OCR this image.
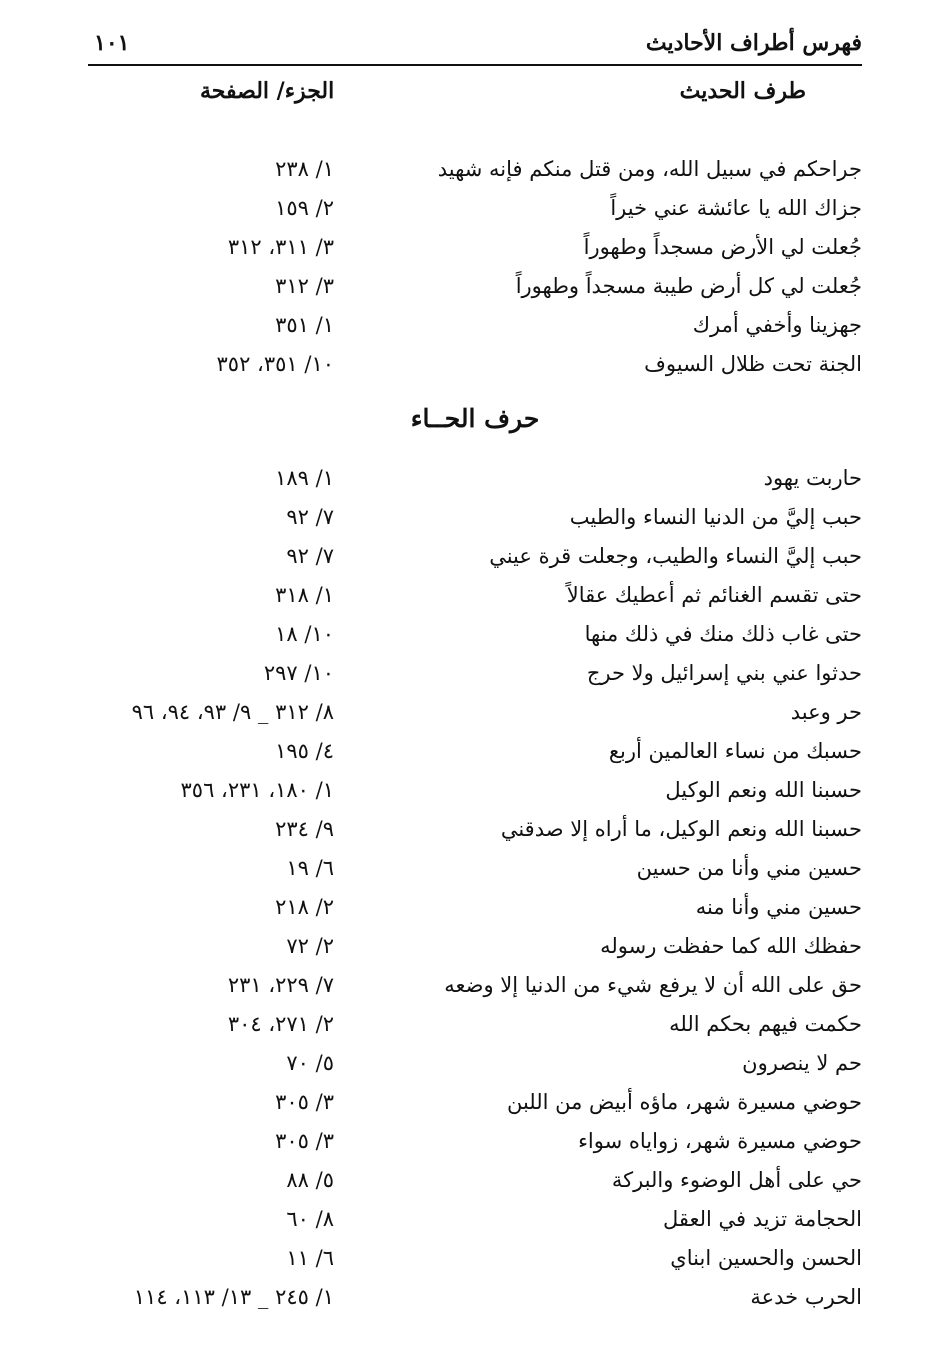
فهرس أطراف الأحاديث
١٠١
طرف الحديث
الجزء/ الصفحة
جراحكم في سبيل الله، ومن قتل منكم فإنه شهيد
١/ ٢٣٨
جزاك الله يا عائشة عني خيراً
٢/ ١٥٩
جُعلت لي الأرض مسجداً وطهوراً
٣/ ٣١١، ٣١٢
جُعلت لي كل أرض طيبة مسجداً وطهوراً
٣/ ٣١٢
جهزينا وأخفي أمرك
١/ ٣٥١
الجنة تحت ظلال السيوف
١٠/ ٣٥١، ٣٥٢
حرف الحــاء
حاربت يهود
١/ ١٨٩
حبب إليَّ من الدنيا النساء والطيب
٧/ ٩٢
حبب إليَّ النساء والطيب، وجعلت قرة عيني
٧/ ٩٢
حتى تقسم الغنائم ثم أعطيك عقالاً
١/ ٣١٨
حتى غاب ذلك منك في ذلك منها
١٠/ ١٨
حدثوا عني بني إسرائيل ولا حرج
١٠/ ٢٩٧
حر وعبد
٨/ ٣١٢ _ ٩/ ٩٣، ٩٤، ٩٦
حسبك من نساء العالمين أربع
٤/ ١٩٥
حسبنا الله ونعم الوكيل
١/ ١٨٠، ٢٣١، ٣٥٦
حسبنا الله ونعم الوكيل، ما أراه إلا صدقني
٩/ ٢٣٤
حسين مني وأنا من حسين
٦/ ١٩
حسين مني وأنا منه
٢/ ٢١٨
حفظك الله كما حفظت رسوله
٢/ ٧٢
حق على الله أن لا يرفع شيء من الدنيا إلا وضعه
٧/ ٢٢٩، ٢٣١
حكمت فيهم بحكم الله
٢/ ٢٧١، ٣٠٤
حم لا ينصرون
٥/ ٧٠
حوضي مسيرة شهر، ماؤه أبيض من اللبن
٣/ ٣٠٥
حوضي مسيرة شهر، زواياه سواء
٣/ ٣٠٥
حي على أهل الوضوء والبركة
٥/ ٨٨
الحجامة تزيد في العقل
٨/ ٦٠
الحسن والحسين ابناي
٦/ ١١
الحرب خدعة
١/ ٢٤٥ _ ١٣/ ١١٣، ١١٤
